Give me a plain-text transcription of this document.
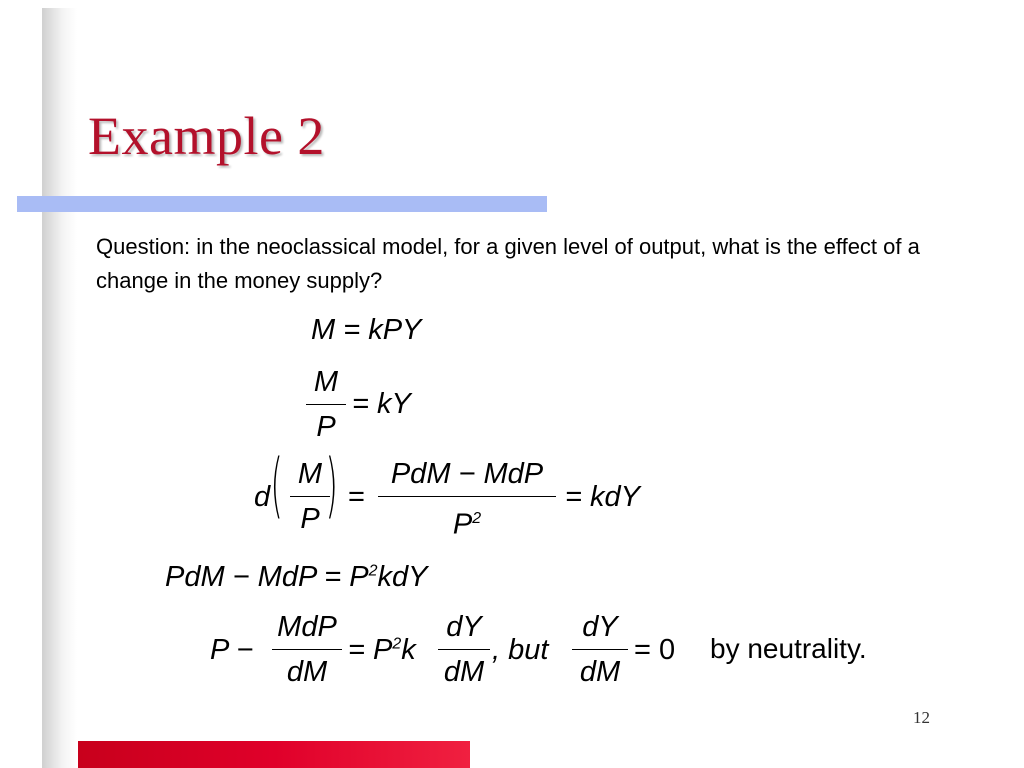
Example 2
Question: in the neoclassical model, for a given level of output, what is the effect of a change in the money supply?
M = kPY
M
P
= kY
d ( M
P ) =
PdM − MdP
$P^2$
= kdY
PdM − MdP = $P^2kdY$
P −
MdP
dM
= $P^2k$
dY
dM
, but
dY
dM
= 0 by neutrality.
12
